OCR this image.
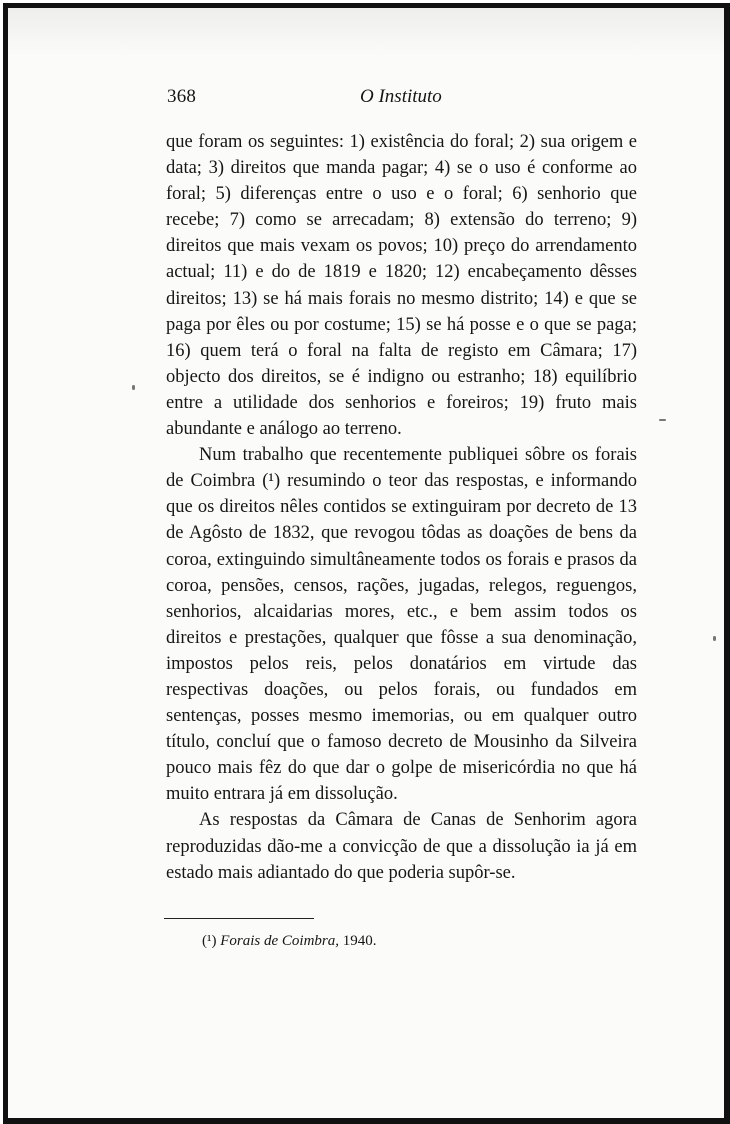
368	O Instituto

que foram os seguintes: 1) existência do foral; 2) sua origem e data; 3) direitos que manda pagar; 4) se o uso é conforme ao foral; 5) diferenças entre o uso e o foral; 6) senhorio que recebe; 7) como se arrecadam; 8) extensão do terreno; 9) direitos que mais vexam os povos; 10) preço do arrendamento actual; 11) e do de 1819 e 1820; 12) encabeçamento dêsses direitos; 13) se há mais forais no mesmo distrito; 14) e que se paga por êles ou por costume; 15) se há posse e o que se paga; 16) quem terá o foral na falta de registo em Câmara; 17) objecto dos direitos, se é indigno ou estranho; 18) equilíbrio entre a utilidade dos senhorios e foreiros; 19) fruto mais abundante e análogo ao terreno.

Num trabalho que recentemente publiquei sôbre os forais de Coimbra (¹) resumindo o teor das respostas, e informando que os direitos nêles contidos se extinguiram por decreto de 13 de Agôsto de 1832, que revogou tôdas as doações de bens da coroa, extinguindo simultâneamente todos os forais e prasos da coroa, pensões, censos, rações, jugadas, relegos, reguengos, senhorios, alcaidarias mores, etc., e bem assim todos os direitos e prestações, qualquer que fôsse a sua denominação, impostos pelos reis, pelos donatários em virtude das respectivas doações, ou pelos forais, ou fundados em sentenças, posses mesmo imemorias, ou em qualquer outro título, concluí que o famoso decreto de Mousinho da Silveira pouco mais fêz do que dar o golpe de misericórdia no que há muito entrara já em dissolução.

As respostas da Câmara de Canas de Senhorim agora reproduzidas dão-me a convicção de que a dissolução ia já em estado mais adiantado do que poderia supôr-se.

(¹) Forais de Coimbra, 1940.
